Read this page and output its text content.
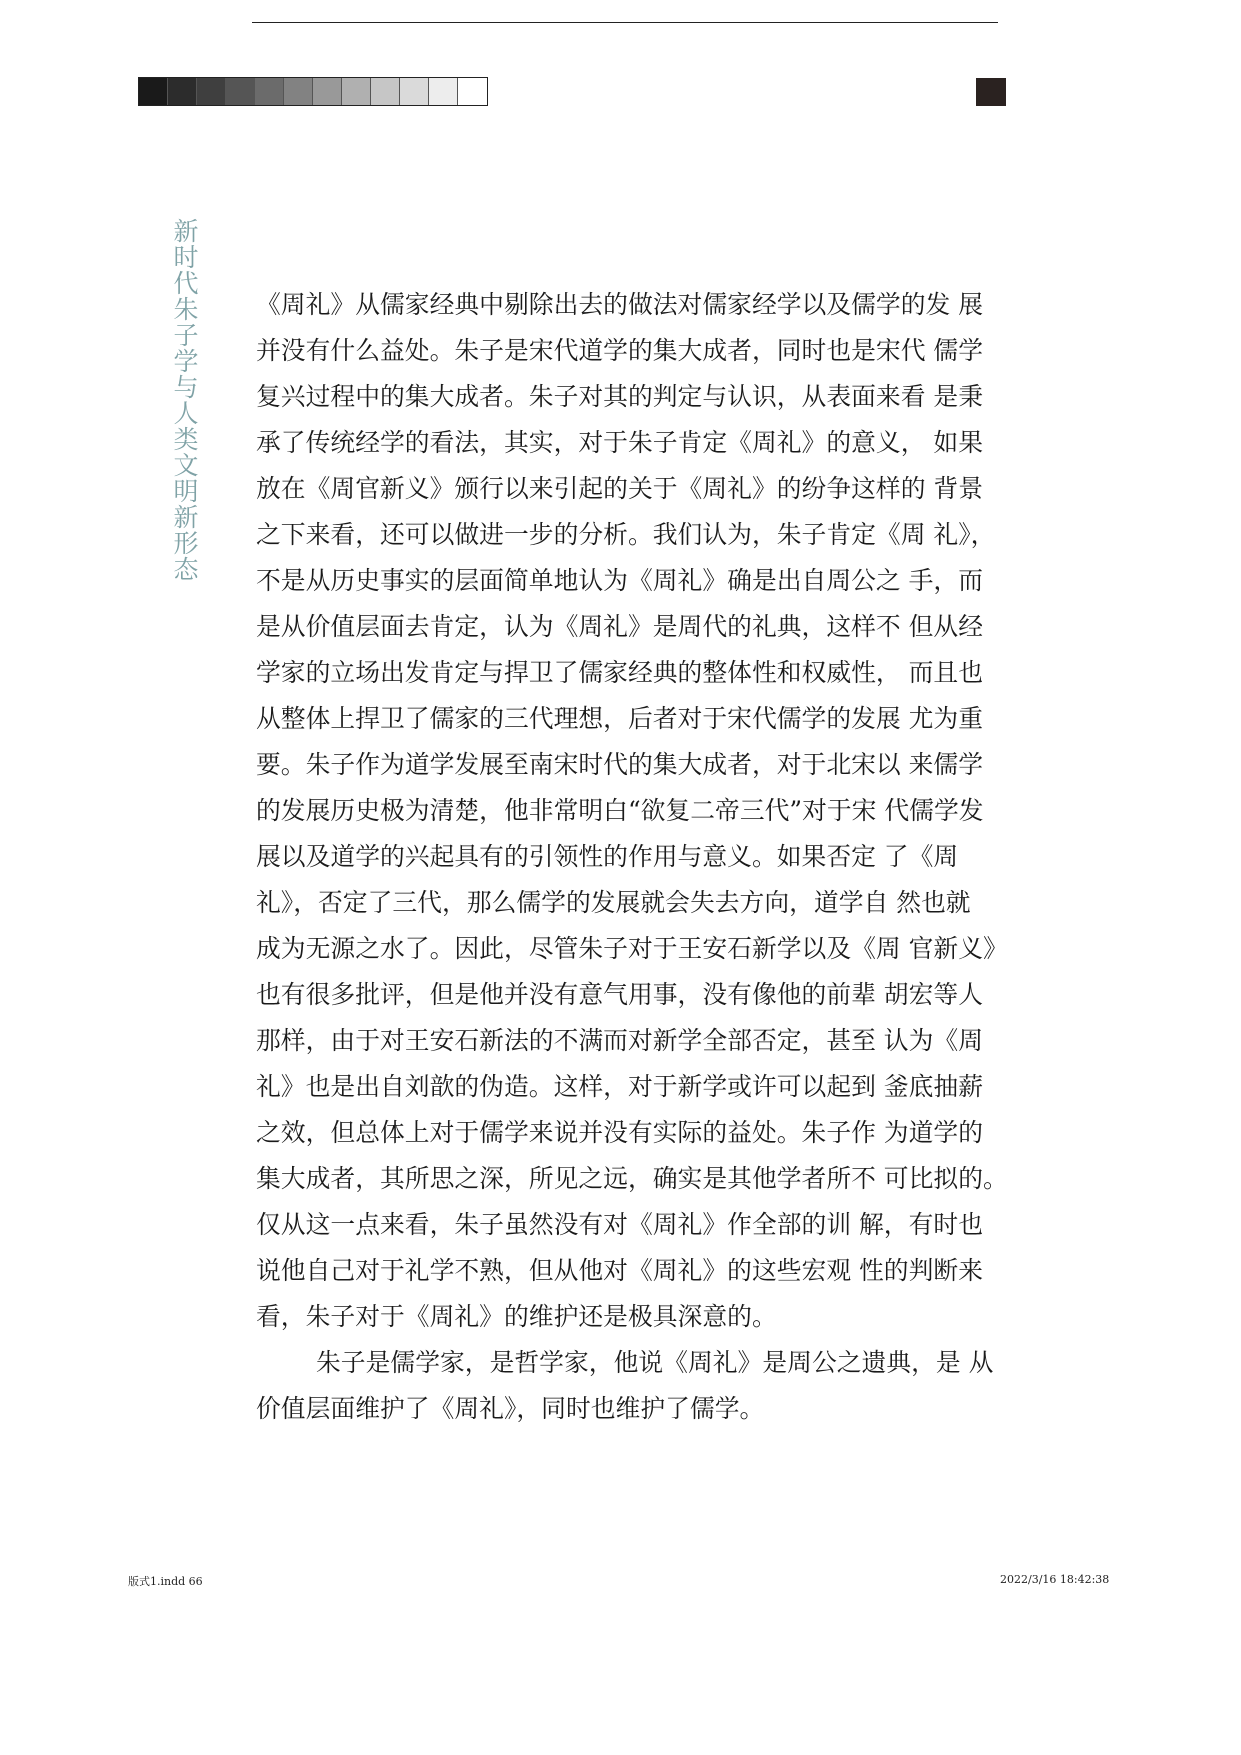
新时代朱子学与人类文明新形态 《周礼》从儒家经典中剔除出去的做法对儒家经学以及儒学的发 展
并没有什么益处。朱子是宋代道学的集大成者，同时也是宋代 儒学
复兴过程中的集大成者。朱子对其的判定与认识，从表面来看 是秉
承了传统经学的看法，其实，对于朱子肯定《周礼》的意义， 如果
放在《周官新义》颁行以来引起的关于《周礼》的纷争这样的 背景
之下来看，还可以做进一步的分析。我们认为，朱子肯定《周 礼》，
不是从历史事实的层面简单地认为《周礼》确是出自周公之 手，而
是从价值层面去肯定，认为《周礼》是周代的礼典，这样不 但从经
学家的立场出发肯定与捍卫了儒家经典的整体性和权威性， 而且也
从整体上捍卫了儒家的三代理想，后者对于宋代儒学的发展 尤为重
要。朱子作为道学发展至南宋时代的集大成者，对于北宋以 来儒学
的发展历史极为清楚，他非常明白“欲复二帝三代”对于宋 代儒学发
展以及道学的兴起具有的引领性的作用与意义。如果否定 了《周
礼》，否定了三代，那么儒学的发展就会失去方向，道学自 然也就
成为无源之水了。因此，尽管朱子对于王安石新学以及《周 官新义》
也有很多批评，但是他并没有意气用事，没有像他的前辈 胡宏等人
那样，由于对王安石新法的不满而对新学全部否定，甚至 认为《周
礼》也是出自刘歆的伪造。这样，对于新学或许可以起到 釜底抽薪
之效，但总体上对于儒学来说并没有实际的益处。朱子作 为道学的
集大成者，其所思之深，所见之远，确实是其他学者所不 可比拟的。
仅从这一点来看，朱子虽然没有对《周礼》作全部的训 解，有时也
说他自己对于礼学不熟，但从他对《周礼》的这些宏观 性的判断来
看，朱子对于《周礼》的维护还是极具深意的。
朱子是儒学家，是哲学家，他说《周礼》是周公之遗典，是 从
价值层面维护了《周礼》，同时也维护了儒学。
版式1.indd 66	2022/3/16 18:42:38
